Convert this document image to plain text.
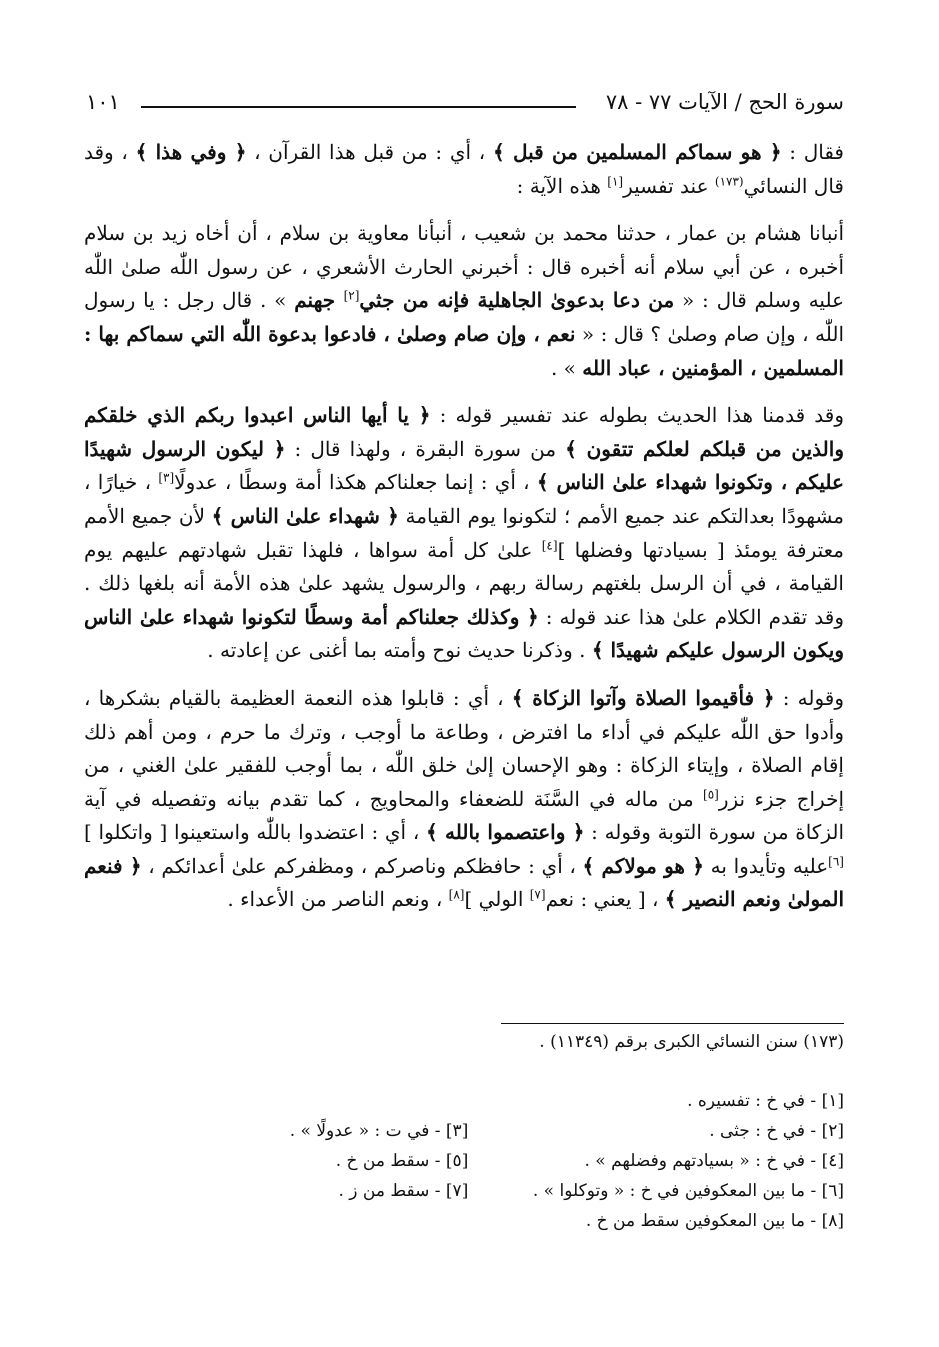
سورة الحج / الآيات ٧٧ - ٧٨
١٠١

فقال : ﴿ هو سماكم المسلمين من قبل ﴾ ، أي : من قبل هذا القرآن ، ﴿ وفي هذا ﴾ ، وقد قال النسائي$^{(١٧٣)}$ عند تفسير[١] هذه الآية :

أنبانا هشام بن عمار ، حدثنا محمد بن شعيب ، أنبأنا معاوية بن سلام ، أن أخاه زيد بن سلام أخبره ، عن أبي سلام أنه أخبره قال : أخبرني الحارث الأشعري ، عن رسول اللّٰه صلىٰ اللّٰه عليه وسلم قال : « من دعا بدعوىٰ الجاهلية فإنه من جثي[٢] جهنم » . قال رجل : يا رسول اللّٰه ، وإن صام وصلىٰ ؟ قال : « نعم ، وإن صام وصلىٰ ، فادعوا بدعوة اللّٰه التي سماكم بها : المسلمين ، المؤمنين ، عباد الله » .

وقد قدمنا هذا الحديث بطوله عند تفسير قوله : ﴿ يا أيها الناس اعبدوا ربكم الذي خلقكم والذين من قبلكم لعلكم تتقون ﴾ من سورة البقرة ، ولهذا قال : ﴿ ليكون الرسول شهيدًا عليكم ، وتكونوا شهداء علىٰ الناس ﴾ ، أي : إنما جعلناكم هكذا أمة وسطًا ، عدولًا[٣] ، خيارًا ، مشهودًا بعدالتكم عند جميع الأمم ؛ لتكونوا يوم القيامة ﴿ شهداء علىٰ الناس ﴾ لأن جميع الأمم معترفة يومئذ [ بسيادتها وفضلها ][٤] علىٰ كل أمة سواها ، فلهذا تقبل شهادتهم عليهم يوم القيامة ، في أن الرسل بلغتهم رسالة ربهم ، والرسول يشهد علىٰ هذه الأمة أنه بلغها ذلك . وقد تقدم الكلام علىٰ هذا عند قوله : ﴿ وكذلك جعلناكم أمة وسطًا لتكونوا شهداء علىٰ الناس ويكون الرسول عليكم شهيدًا ﴾ . وذكرنا حديث نوح وأمته بما أغنى عن إعادته .

وقوله : ﴿ فأقيموا الصلاة وآتوا الزكاة ﴾ ، أي : قابلوا هذه النعمة العظيمة بالقيام بشكرها ، وأدوا حق اللّٰه عليكم في أداء ما افترض ، وطاعة ما أوجب ، وترك ما حرم ، ومن أهم ذلك إقام الصلاة ، وإيتاء الزكاة : وهو الإحسان إلىٰ خلق اللّٰه ، بما أوجب للفقير علىٰ الغني ، من إخراج جزء نزر[٥] من ماله في السَّنَة للضعفاء والمحاويج ، كما تقدم بيانه وتفصيله في آية الزكاة من سورة التوبة وقوله : ﴿ واعتصموا بالله ﴾ ، أي : اعتضدوا باللّٰه واستعينوا [ واتكلوا ][٦]عليه وتأيدوا به ﴿ هو مولاكم ﴾ ، أي : حافظكم وناصركم ، ومظفركم علىٰ أعدائكم ، ﴿ فنعم المولىٰ ونعم النصير ﴾ ، [ يعني : نعم[٧] الولي ][٨] ، ونعم الناصر من الأعداء .

(١٧٣) سنن النسائي الكبرى برقم (١١٣٤٩) .
[١] - في خ : تفسيره .
[٢] - في خ : جثى .
[٣] - في ت : « عدولًا » .
[٤] - في خ : « بسيادتهم وفضلهم » .
[٥] - سقط من خ .
[٦] - ما بين المعكوفين في خ : « وتوكلوا » .
[٧] - سقط من ز .
[٨] - ما بين المعكوفين سقط من خ .
